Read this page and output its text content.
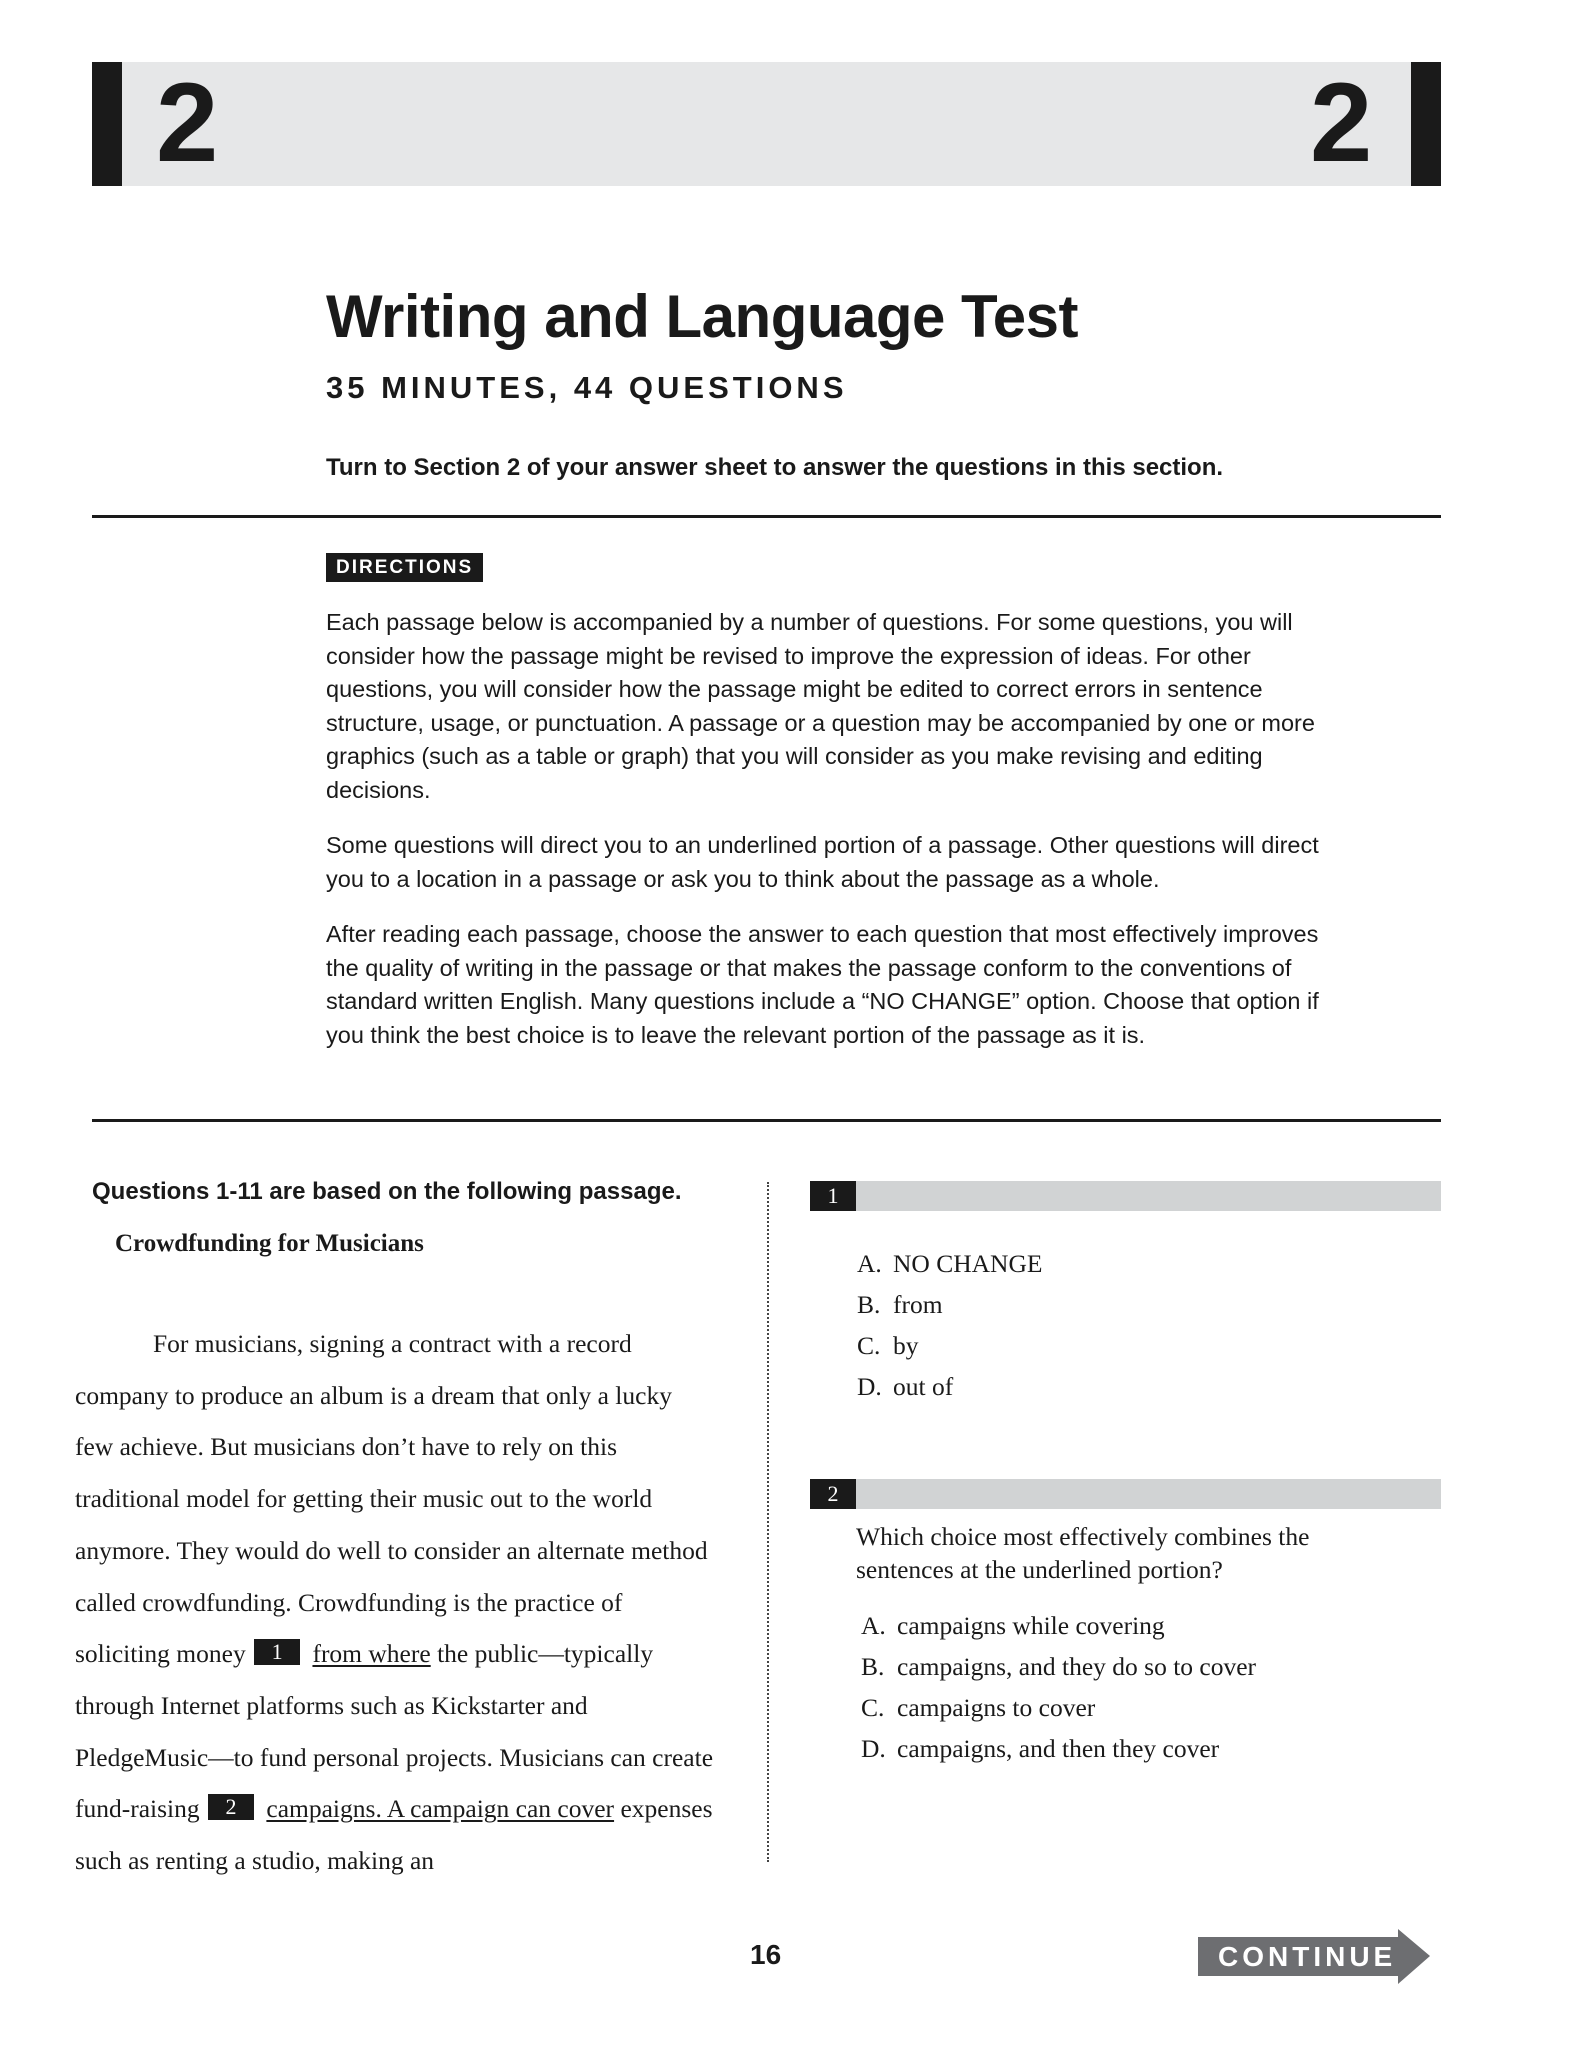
2	2
Writing and Language Test
35 MINUTES, 44 QUESTIONS
Turn to Section 2 of your answer sheet to answer the questions in this section.
DIRECTIONS

Each passage below is accompanied by a number of questions. For some questions, you will consider how the passage might be revised to improve the expression of ideas. For other questions, you will consider how the passage might be edited to correct errors in sentence structure, usage, or punctuation. A passage or a question may be accompanied by one or more graphics (such as a table or graph) that you will consider as you make revising and editing decisions.

Some questions will direct you to an underlined portion of a passage. Other questions will direct you to a location in a passage or ask you to think about the passage as a whole.

After reading each passage, choose the answer to each question that most effectively improves the quality of writing in the passage or that makes the passage conform to the conventions of standard written English. Many questions include a “NO CHANGE” option. Choose that option if you think the best choice is to leave the relevant portion of the passage as it is.

Questions 1-11 are based on the following passage.
Crowdfunding for Musicians
For musicians, signing a contract with a record company to produce an album is a dream that only a lucky few achieve. But musicians don’t have to rely on this traditional model for getting their music out to the world anymore. They would do well to consider an alternate method called crowdfunding. Crowdfunding is the practice of soliciting money 1 from where the public—typically through Internet platforms such as Kickstarter and PledgeMusic—to fund personal projects. Musicians can create fund-raising 2 campaigns. A campaign can cover expenses such as renting a studio, making an
1
A. NO CHANGE
B. from
C. by
D. out of
2
Which choice most effectively combines the sentences at the underlined portion?
A. campaigns while covering
B. campaigns, and they do so to cover
C. campaigns to cover
D. campaigns, and then they cover
16	CONTINUE
